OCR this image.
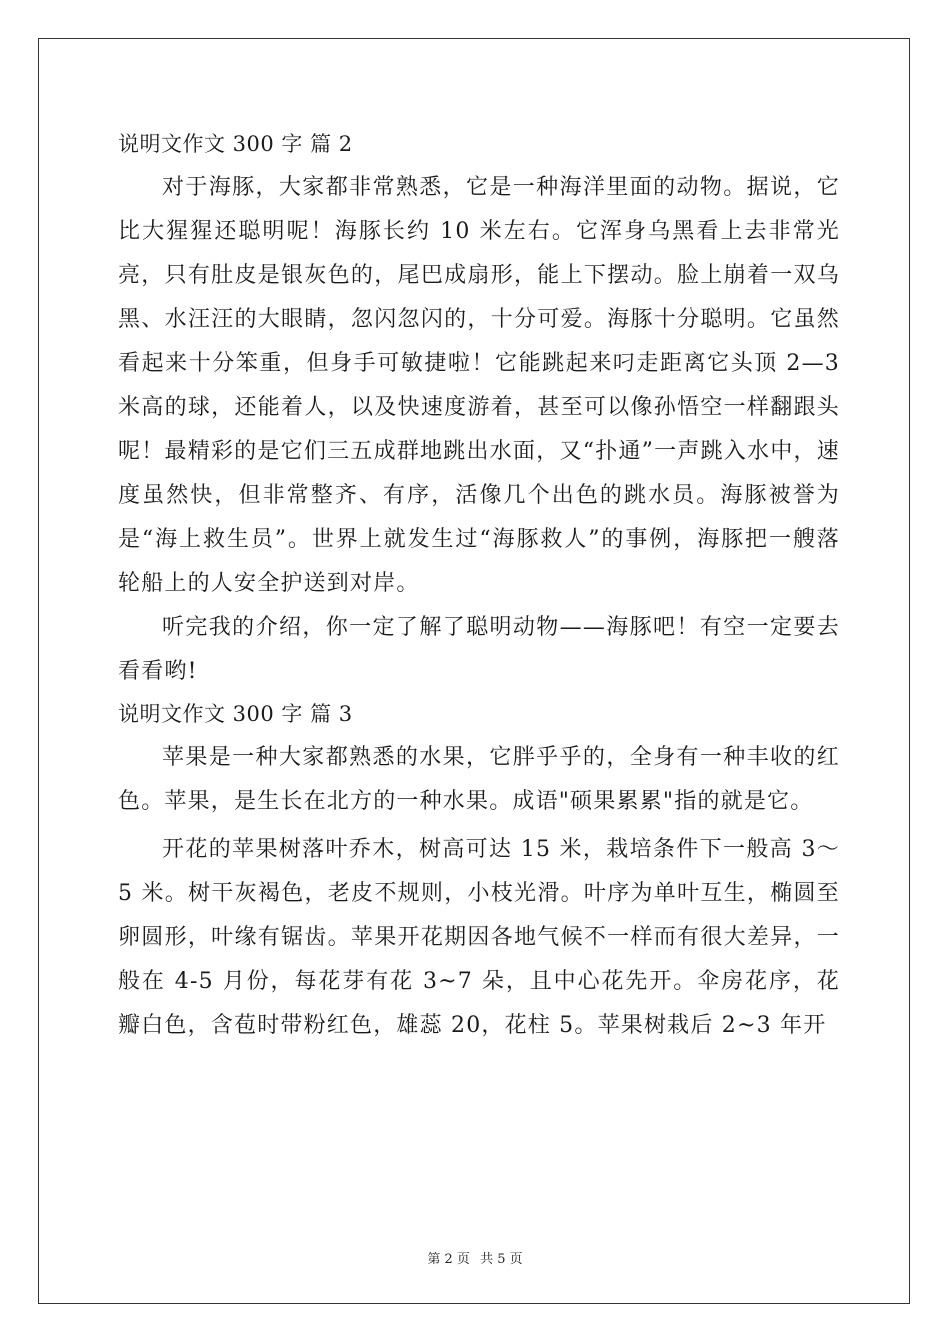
说明文作文 300 字 篇 2

对于海豚，大家都非常熟悉，它是一种海洋里面的动物。据说，它比大猩猩还聪明呢！海豚长约 10 米左右。它浑身乌黑看上去非常光亮，只有肚皮是银灰色的，尾巴成扇形，能上下摆动。脸上崩着一双乌黑、水汪汪的大眼睛，忽闪忽闪的，十分可爱。海豚十分聪明。它虽然看起来十分笨重，但身手可敏捷啦！它能跳起来叼走距离它头顶 2—3 米高的球，还能着人，以及快速度游着，甚至可以像孙悟空一样翻跟头呢！最精彩的是它们三五成群地跳出水面，又“扑通”一声跳入水中，速度虽然快，但非常整齐、有序，活像几个出色的跳水员。海豚被誉为是“海上救生员”。世界上就发生过“海豚救人”的事例，海豚把一艘落轮船上的人安全护送到对岸。

听完我的介绍，你一定了解了聪明动物——海豚吧！有空一定要去看看哟!

说明文作文 300 字 篇 3

苹果是一种大家都熟悉的水果，它胖乎乎的，全身有一种丰收的红色。苹果，是生长在北方的一种水果。成语"硕果累累"指的就是它。

开花的苹果树落叶乔木，树高可达 15 米，栽培条件下一般高 3～5 米。树干灰褐色，老皮不规则，小枝光滑。叶序为单叶互生，椭圆至卵圆形，叶缘有锯齿。苹果开花期因各地气候不一样而有很大差异，一般在 4-5 月份，每花芽有花 3~7 朵，且中心花先开。伞房花序，花瓣白色，含苞时带粉红色，雄蕊 20，花柱 5。苹果树栽后 2~3 年开

第 2 页 共 5 页
